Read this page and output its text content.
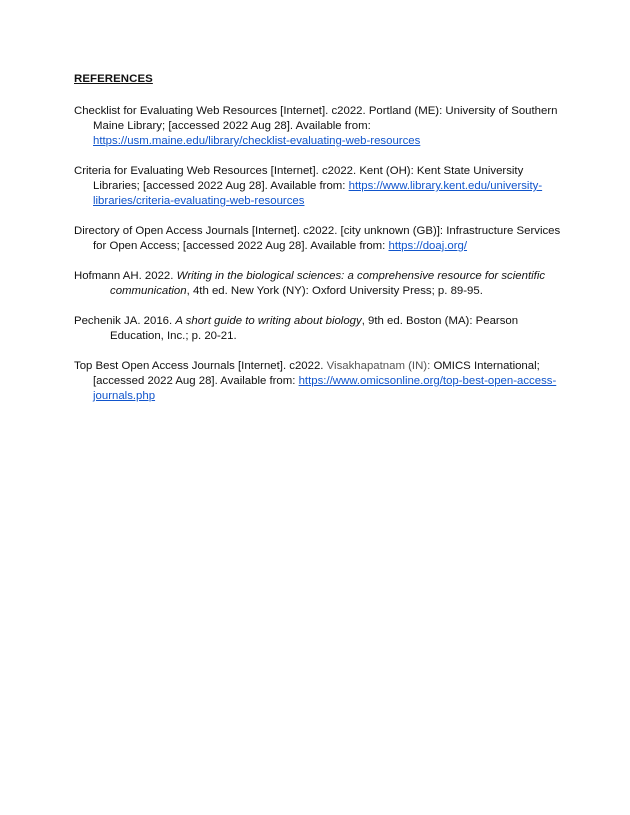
REFERENCES

Checklist for Evaluating Web Resources [Internet]. c2022. Portland (ME): University of Southern Maine Library; [accessed 2022 Aug 28]. Available from: https://usm.maine.edu/library/checklist-evaluating-web-resources

Criteria for Evaluating Web Resources [Internet]. c2022. Kent (OH): Kent State University Libraries; [accessed 2022 Aug 28]. Available from: https://www.library.kent.edu/university-libraries/criteria-evaluating-web-resources

Directory of Open Access Journals [Internet]. c2022. [city unknown (GB)]: Infrastructure Services for Open Access; [accessed 2022 Aug 28]. Available from: https://doaj.org/

Hofmann AH. 2022. Writing in the biological sciences: a comprehensive resource for scientific communication, 4th ed. New York (NY): Oxford University Press; p. 89-95.

Pechenik JA. 2016. A short guide to writing about biology, 9th ed. Boston (MA): Pearson Education, Inc.; p. 20-21.

Top Best Open Access Journals [Internet]. c2022. Visakhapatnam (IN): OMICS International; [accessed 2022 Aug 28]. Available from: https://www.omicsonline.org/top-best-open-access-journals.php
